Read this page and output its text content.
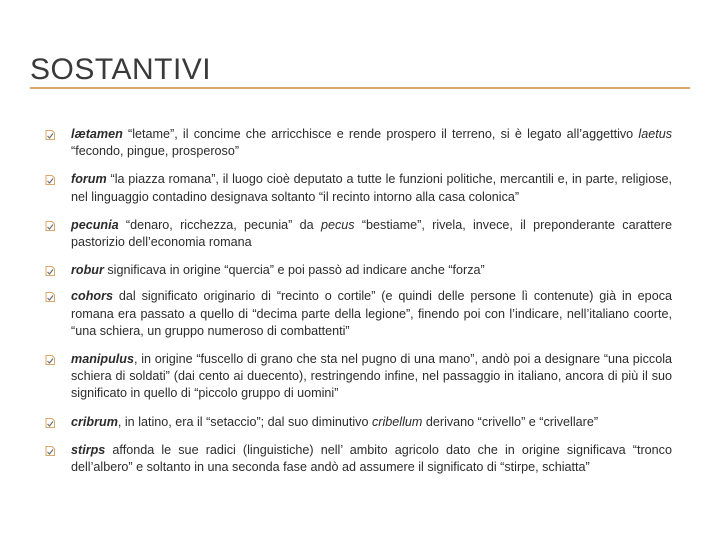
SOSTANTIVI
lætamen “letame”, il concime che arricchisce e rende prospero il terreno, si è legato all’aggettivo laetus “fecondo, pingue, prosperoso”
forum “la piazza romana”, il luogo cioè deputato a tutte le funzioni politiche, mercantili e, in parte, religiose, nel linguaggio contadino designava soltanto “il recinto intorno alla casa colonica”
pecunia “denaro, ricchezza, pecunia” da pecus “bestiame”, rivela, invece, il preponderante carattere pastorizio dell’economia romana
robur significava in origine “quercia” e poi passò ad indicare anche “forza”
cohors dal significato originario di “recinto o cortile” (e quindi delle persone lì contenute) già in epoca romana era passato a quello di “decima parte della legione”, finendo poi con l’indicare, nell’italiano coorte, “una schiera, un gruppo numeroso di combattenti”
manipulus, in origine “fuscello di grano che sta nel pugno di una mano”, andò poi a designare “una piccola schiera di soldati” (dai cento ai duecento), restringendo infine, nel passaggio in italiano, ancora di più il suo significato in quello di “piccolo gruppo di uomini”
cribrum, in latino, era il “setaccio”; dal suo diminutivo cribellum derivano “crivello” e “crivellare”
stirps affonda le sue radici (linguistiche) nell’ ambito agricolo dato che in origine significava “tronco dell’albero” e soltanto in una seconda fase andò ad assumere il significato di “stirpe, schiatta”
